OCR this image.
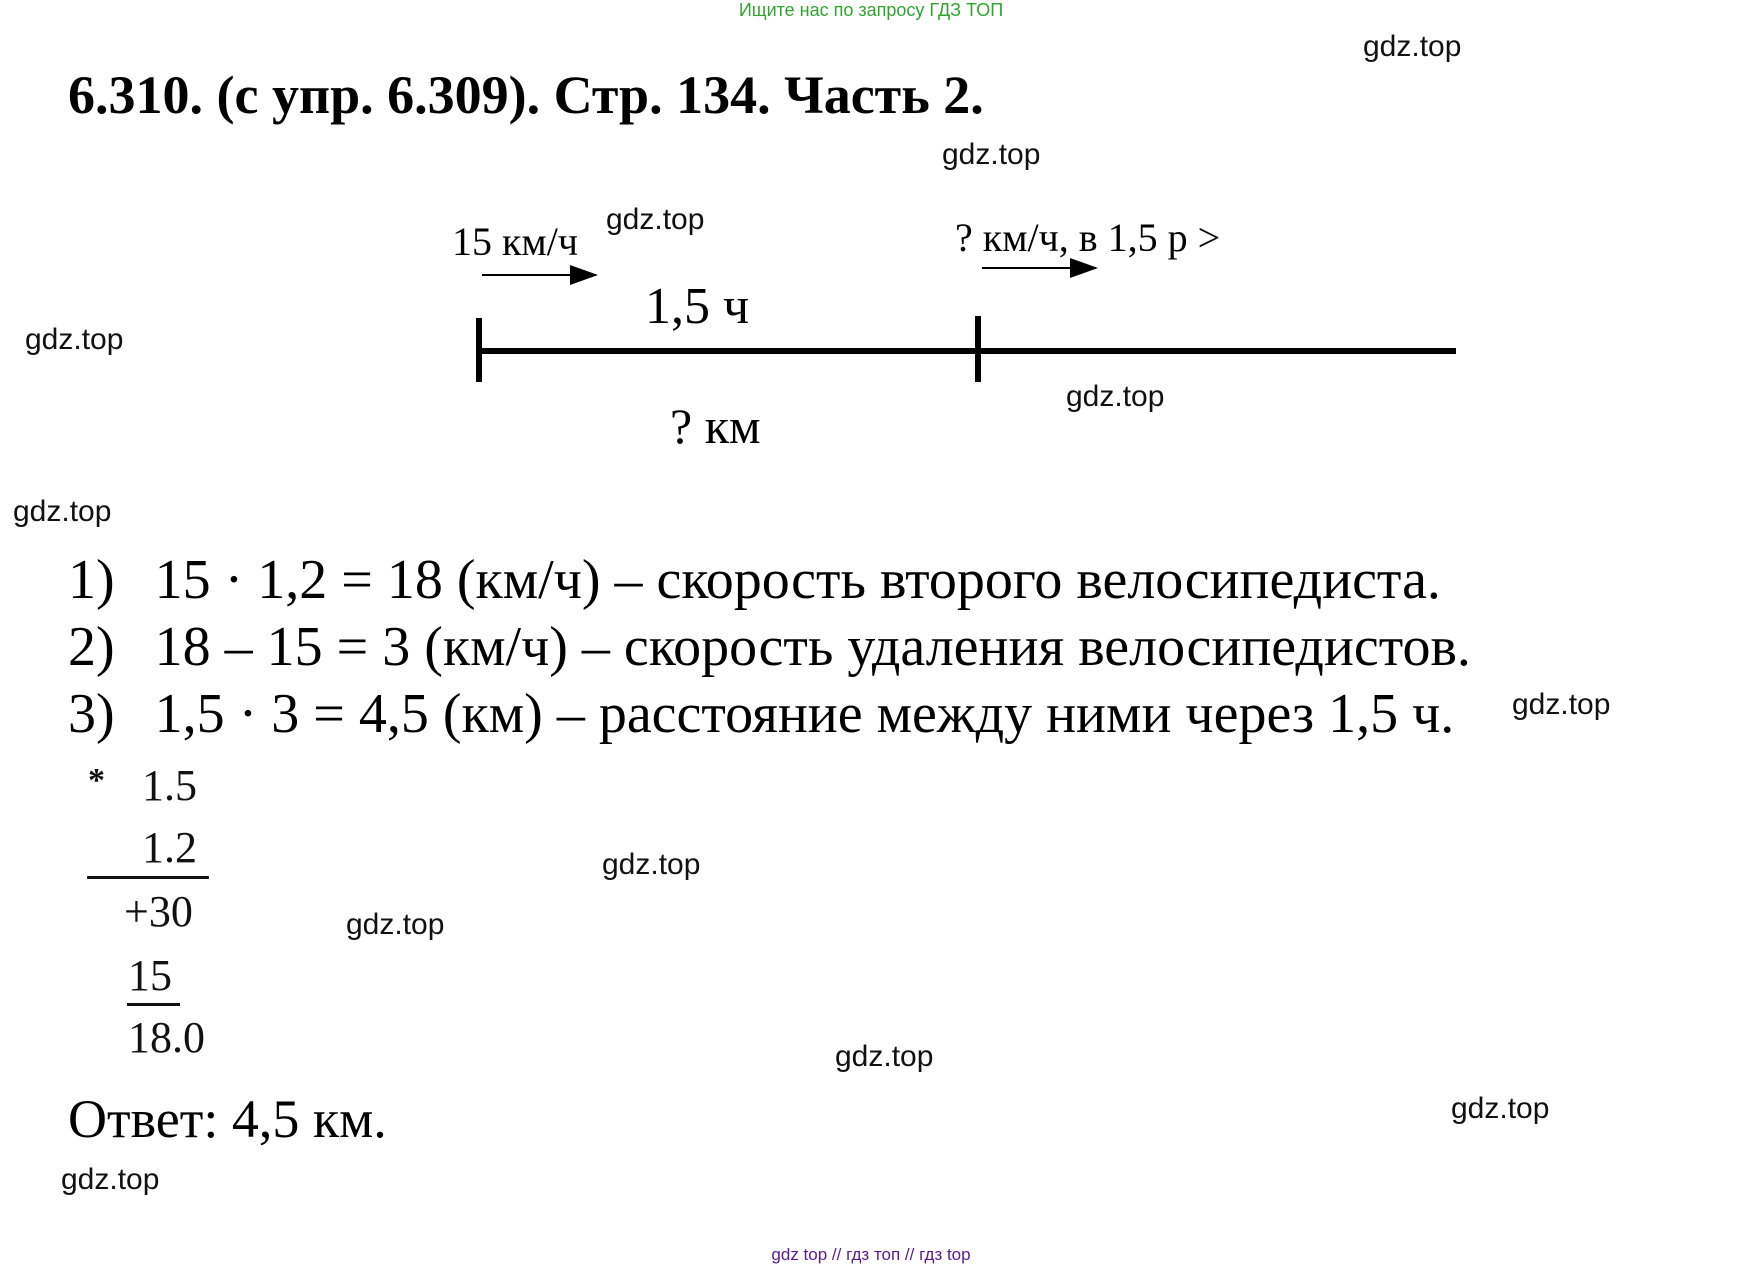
Ищите нас по запросу ГДЗ ТОП
6.310. (с упр. 6.309). Стр. 134. Часть 2.
15 км/ч
1,5 ч
? км/ч, в 1,5 р >
? км
1) 15 · 1,2 = 18 (км/ч) – скорость второго велосипедиста.
2) 18 – 15 = 3 (км/ч) – скорость удаления велосипедистов.
3) 1,5 · 3 = 4,5 (км) – расстояние между ними через 1,5 ч.
* 1.5
1.2
+30
15
18.0
Ответ: 4,5 км.
gdz.top
gdz.top
gdz.top
gdz.top
gdz.top
gdz.top
gdz.top
gdz.top
gdz.top
gdz.top
gdz.top
gdz.top
gdz top // гдз топ // гдз top
